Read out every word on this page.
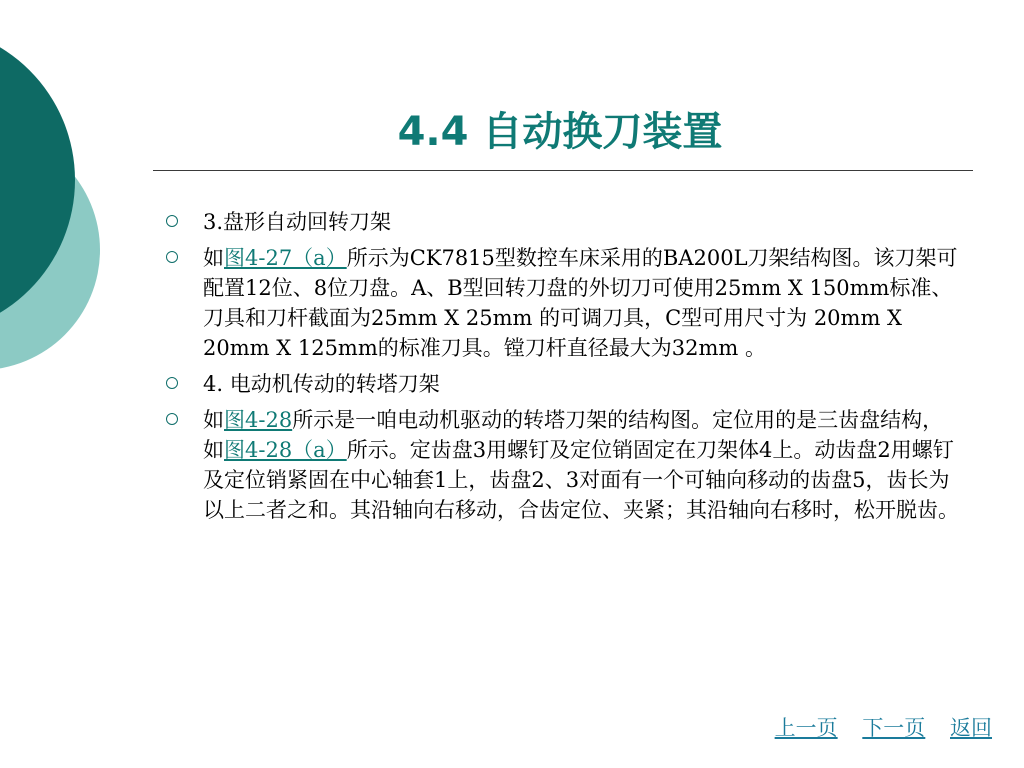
4.4 自动换刀装置
3.盘形自动回转刀架
如图4-27（a）所示为CK7815型数控车床采用的BA200L刀架结构图。该刀架可配置12位、8位刀盘。A、B型回转刀盘的外切刀可使用25mm X 150mm标准、刀具和刀杆截面为25mm X 25mm 的可调刀具，C型可用尺寸为 20mm X 20mm X 125mm的标准刀具。镗刀杆直径最大为32mm 。
4. 电动机传动的转塔刀架
如图4-28所示是一咱电动机驱动的转塔刀架的结构图。定位用的是三齿盘结构，如图4-28（a）所示。定齿盘3用螺钉及定位销固定在刀架体4上。动齿盘2用螺钉及定位销紧固在中心轴套1上，齿盘2、3对面有一个可轴向移动的齿盘5，齿长为以上二者之和。其沿轴向右移动，合齿定位、夹紧；其沿轴向右移时，松开脱齿。
上一页 下一页 返回
